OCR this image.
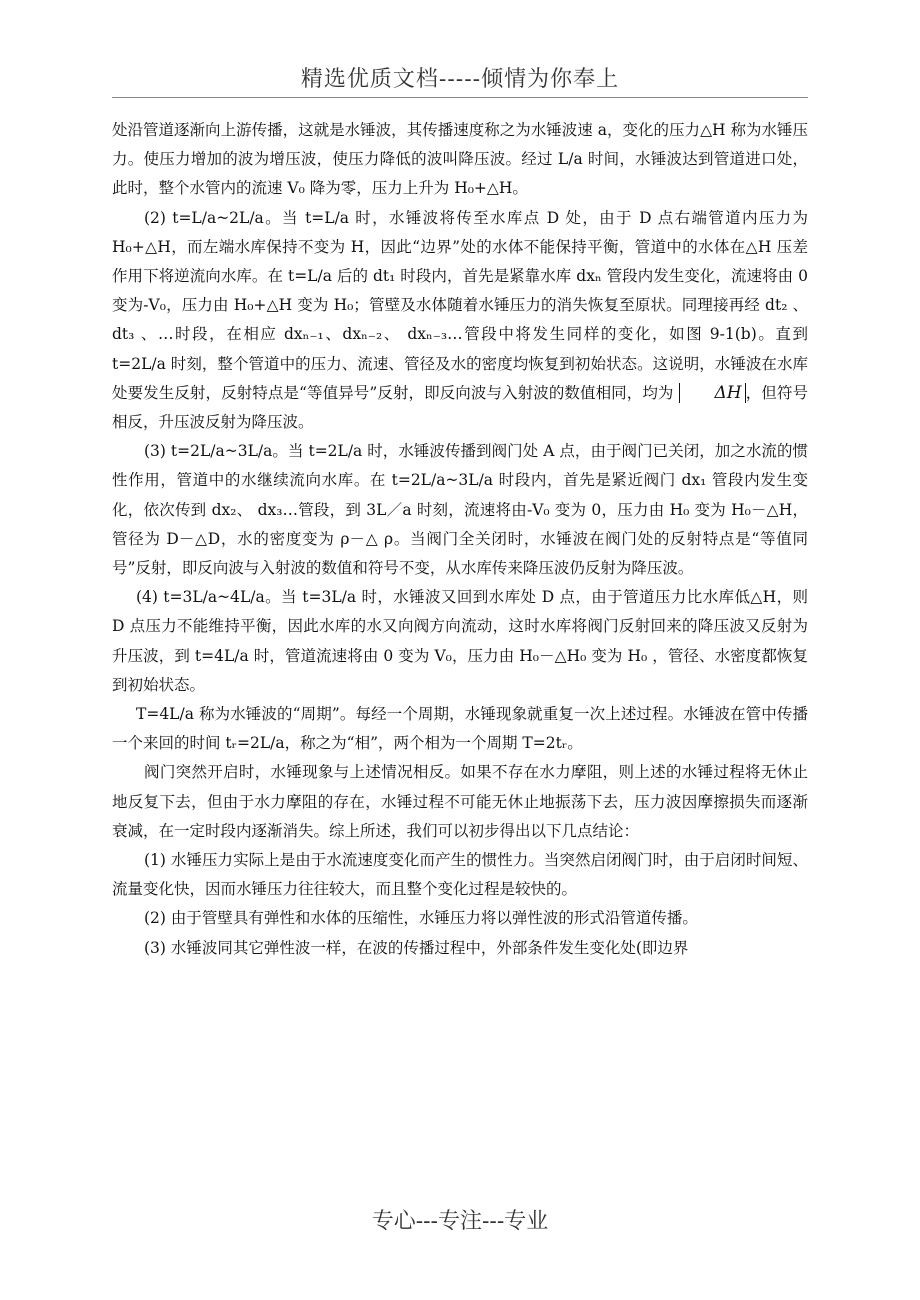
精选优质文档-----倾情为你奉上

处沿管道逐渐向上游传播，这就是水锤波，其传播速度称之为水锤波速 a，变化的压力△H 称为水锤压力。使压力增加的波为增压波，使压力降低的波叫降压波。经过 L/a 时间，水锤波达到管道进口处，此时，整个水管内的流速 V₀ 降为零，压力上升为 H₀+△H。

(2) t=L/a~2L/a。当 t=L/a 时，水锤波将传至水库点 D 处，由于 D 点右端管道内压力为 H₀+△H，而左端水库保持不变为 H，因此“边界”处的水体不能保持平衡，管道中的水体在△H 压差作用下将逆流向水库。在 t=L/a 后的 dt₁ 时段内，首先是紧靠水库 dxₙ 管段内发生变化，流速将由 0 变为-V₀，压力由 H₀+△H 变为 H₀；管壁及水体随着水锤压力的消失恢复至原状。同理接再经 dt₂ 、 dt₃ 、…时段，在相应 dxₙ₋₁、dxₙ₋₂、 dxₙ₋₃…管段中将发生同样的变化，如图 9-1(b)。直到 t=2L/a 时刻，整个管道中的压力、流速、管径及水的密度均恢复到初始状态。这说明，水锤波在水库处要发生反射，反射特点是“等值异号”反射，即反向波与入射波的数值相同，均为 ΔH ，但符号相反，升压波反射为降压波。

(3) t=2L/a~3L/a。当 t=2L/a 时，水锤波传播到阀门处 A 点，由于阀门已关闭，加之水流的惯性作用，管道中的水继续流向水库。在 t=2L/a~3L/a 时段内，首先是紧近阀门 dx₁ 管段内发生变化，依次传到 dx₂、 dx₃…管段，到 3L／a 时刻，流速将由-V₀ 变为 0，压力由 H₀ 变为 H₀－△H，管径为 D－△D，水的密度变为 ρ－△ ρ。当阀门全关闭时，水锤波在阀门处的反射特点是“等值同号”反射，即反向波与入射波的数值和符号不变，从水库传来降压波仍反射为降压波。

(4) t=3L/a~4L/a。当 t=3L/a 时，水锤波又回到水库处 D 点，由于管道压力比水库低△H，则 D 点压力不能维持平衡，因此水库的水又向阀方向流动，这时水库将阀门反射回来的降压波又反射为升压波，到 t=4L/a 时，管道流速将由 0 变为 V₀，压力由 H₀－△H₀ 变为 H₀ ，管径、水密度都恢复到初始状态。

T=4L/a 称为水锤波的“周期”。每经一个周期，水锤现象就重复一次上述过程。水锤波在管中传播一个来回的时间 tᵣ=2L/a，称之为“相”，两个相为一个周期 T=2tᵣ。

阀门突然开启时，水锤现象与上述情况相反。如果不存在水力摩阻，则上述的水锤过程将无休止地反复下去，但由于水力摩阻的存在，水锤过程不可能无休止地振荡下去，压力波因摩擦损失而逐渐衰减，在一定时段内逐渐消失。综上所述，我们可以初步得出以下几点结论：

(1) 水锤压力实际上是由于水流速度变化而产生的惯性力。当突然启闭阀门时，由于启闭时间短、流量变化快，因而水锤压力往往较大，而且整个变化过程是较快的。

(2) 由于管壁具有弹性和水体的压缩性，水锤压力将以弹性波的形式沿管道传播。

(3) 水锤波同其它弹性波一样，在波的传播过程中，外部条件发生变化处(即边界

专心---专注---专业
